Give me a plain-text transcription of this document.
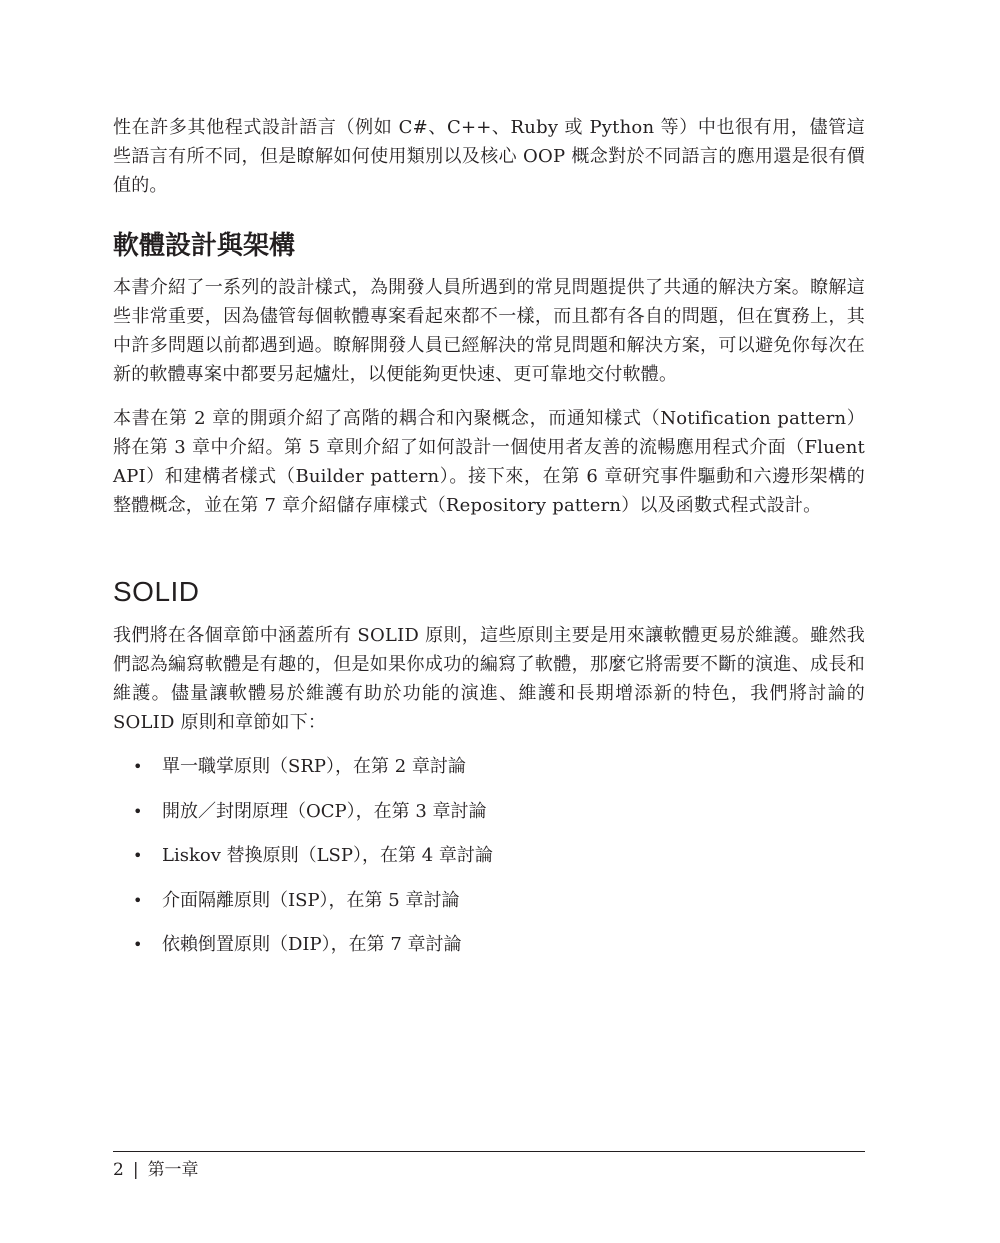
性在許多其他程式設計語言（例如 C#、C++、Ruby 或 Python 等）中也很有用，儘管這些語言有所不同，但是瞭解如何使用類別以及核心 OOP 概念對於不同語言的應用還是很有價值的。

軟體設計與架構

本書介紹了一系列的設計樣式，為開發人員所遇到的常見問題提供了共通的解決方案。瞭解這些非常重要，因為儘管每個軟體專案看起來都不一樣，而且都有各自的問題，但在實務上，其中許多問題以前都遇到過。瞭解開發人員已經解決的常見問題和解決方案，可以避免你每次在新的軟體專案中都要另起爐灶，以便能夠更快速、更可靠地交付軟體。

本書在第 2 章的開頭介紹了高階的耦合和內聚概念，而通知樣式（Notification pattern）將在第 3 章中介紹。第 5 章則介紹了如何設計一個使用者友善的流暢應用程式介面（Fluent API）和建構者樣式（Builder pattern）。接下來，在第 6 章研究事件驅動和六邊形架構的整體概念，並在第 7 章介紹儲存庫樣式（Repository pattern）以及函數式程式設計。

SOLID

我們將在各個章節中涵蓋所有 SOLID 原則，這些原則主要是用來讓軟體更易於維護。雖然我們認為編寫軟體是有趣的，但是如果你成功的編寫了軟體，那麼它將需要不斷的演進、成長和維護。儘量讓軟體易於維護有助於功能的演進、維護和長期增添新的特色，我們將討論的 SOLID 原則和章節如下：

• 單一職掌原則（SRP），在第 2 章討論
• 開放／封閉原理（OCP），在第 3 章討論
• Liskov 替換原則（LSP），在第 4 章討論
• 介面隔離原則（ISP），在第 5 章討論
• 依賴倒置原則（DIP），在第 7 章討論
2 | 第一章
